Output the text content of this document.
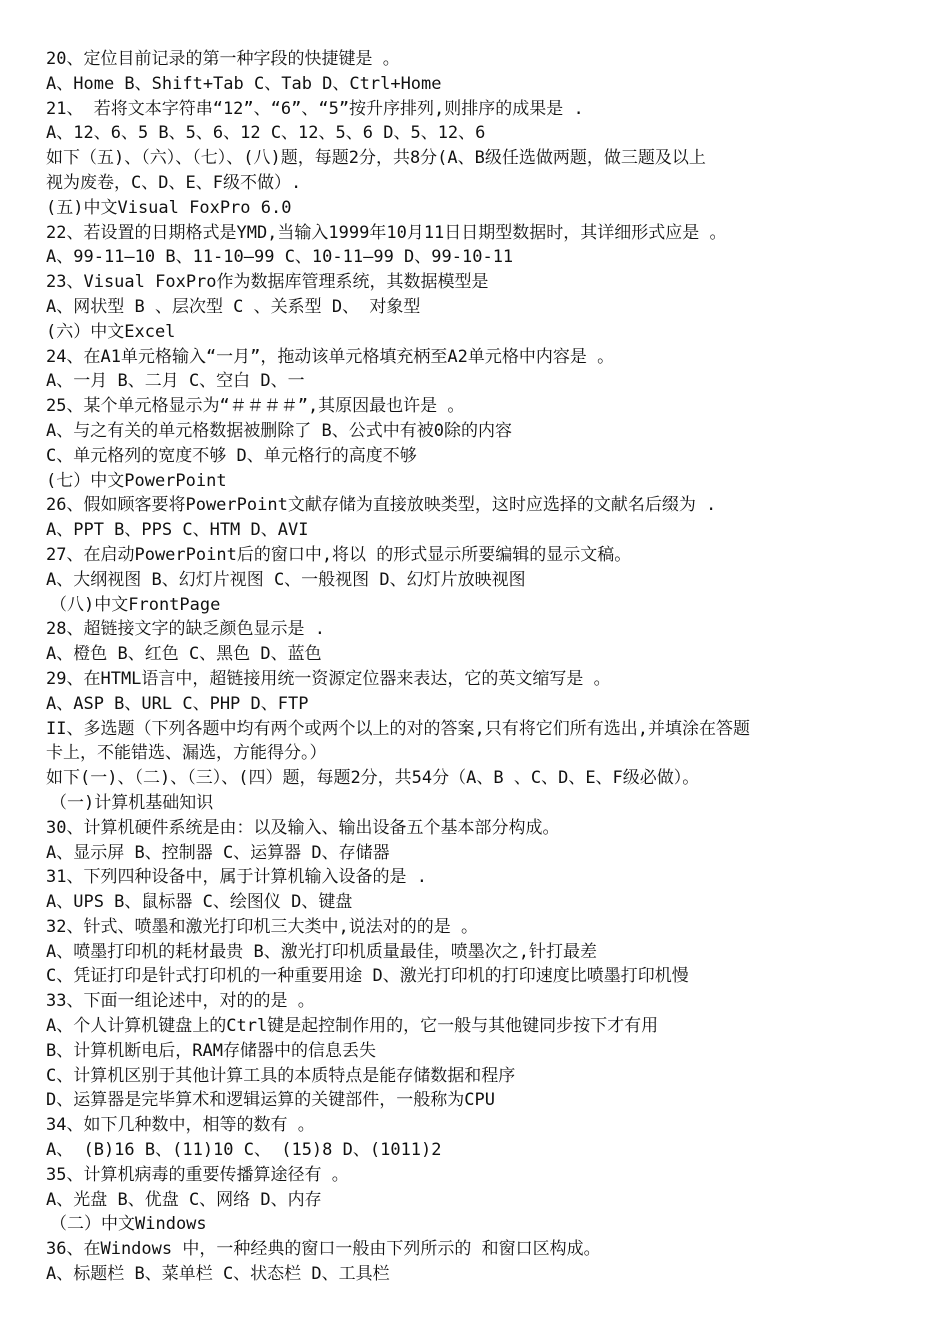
20、定位目前记录的第一种字段的快捷键是 。
A、Home B、Shift+Tab C、Tab D、Ctrl+Home
21、 若将文本字符串“12”、“6”、“5”按升序排列,则排序的成果是 .
A、12、6、5 B、5、6、12 C、12、5、6 D、5、12、6
如下（五)、（六）、（七）、(八)题，每题2分，共8分(A、B级任选做两题，做三题及以上
视为废卷，C、D、E、F级不做）.
(五)中文Visual FoxPro 6.0
22、若设置的日期格式是YMD,当输入1999年10月11日日期型数据时，其详细形式应是 。
A、99-11—10 B、11-10—99 C、10-11—99 D、99-10-11
23、Visual FoxPro作为数据库管理系统，其数据模型是
A、网状型 B 、层次型 C 、关系型 D、 对象型
(六）中文Excel
24、在A1单元格输入“一月”，拖动该单元格填充柄至A2单元格中内容是 。
A、一月 B、二月 C、空白 D、一
25、某个单元格显示为“＃＃＃＃”,其原因最也许是 。
A、与之有关的单元格数据被删除了 B、公式中有被0除的内容
C、单元格列的宽度不够 D、单元格行的高度不够
(七）中文PowerPoint
26、假如顾客要将PowerPoint文献存储为直接放映类型，这时应选择的文献名后缀为 .
A、PPT B、PPS C、HTM D、AVI
27、在启动PowerPoint后的窗口中,将以 的形式显示所要编辑的显示文稿。
A、大纲视图 B、幻灯片视图 C、一般视图 D、幻灯片放映视图
（八)中文FrontPage
28、超链接文字的缺乏颜色显示是 .
A、橙色 B、红色 C、黑色 D、蓝色
29、在HTML语言中，超链接用统一资源定位器来表达，它的英文缩写是 。
A、ASP B、URL C、PHP D、FTP
II、多选题（下列各题中均有两个或两个以上的对的答案,只有将它们所有选出,并填涂在答题
卡上，不能错选、漏选，方能得分。）
如下(一)、（二)、（三）、(四）题，每题2分，共54分（A、B 、C、D、E、F级必做）。
（一)计算机基础知识
30、计算机硬件系统是由：以及输入、输出设备五个基本部分构成。
A、显示屏 B、控制器 C、运算器 D、存储器
31、下列四种设备中，属于计算机输入设备的是 .
A、UPS B、鼠标器 C、绘图仪 D、键盘
32、针式、喷墨和激光打印机三大类中,说法对的的是 。
A、喷墨打印机的耗材最贵 B、激光打印机质量最佳，喷墨次之,针打最差
C、凭证打印是针式打印机的一种重要用途 D、激光打印机的打印速度比喷墨打印机慢
33、下面一组论述中，对的的是 。
A、个人计算机键盘上的Ctrl键是起控制作用的，它一般与其他键同步按下才有用
B、计算机断电后，RAM存储器中的信息丢失
C、计算机区别于其他计算工具的本质特点是能存储数据和程序
D、运算器是完毕算术和逻辑运算的关键部件，一般称为CPU
34、如下几种数中，相等的数有 。
A、 (B)16 B、(11)10 C、 (15)8 D、(1011)2
35、计算机病毒的重要传播算途径有 。
A、光盘 B、优盘 C、网络 D、内存
（二）中文Windows
36、在Windows 中，一种经典的窗口一般由下列所示的 和窗口区构成。
A、标题栏 B、菜单栏 C、状态栏 D、工具栏
